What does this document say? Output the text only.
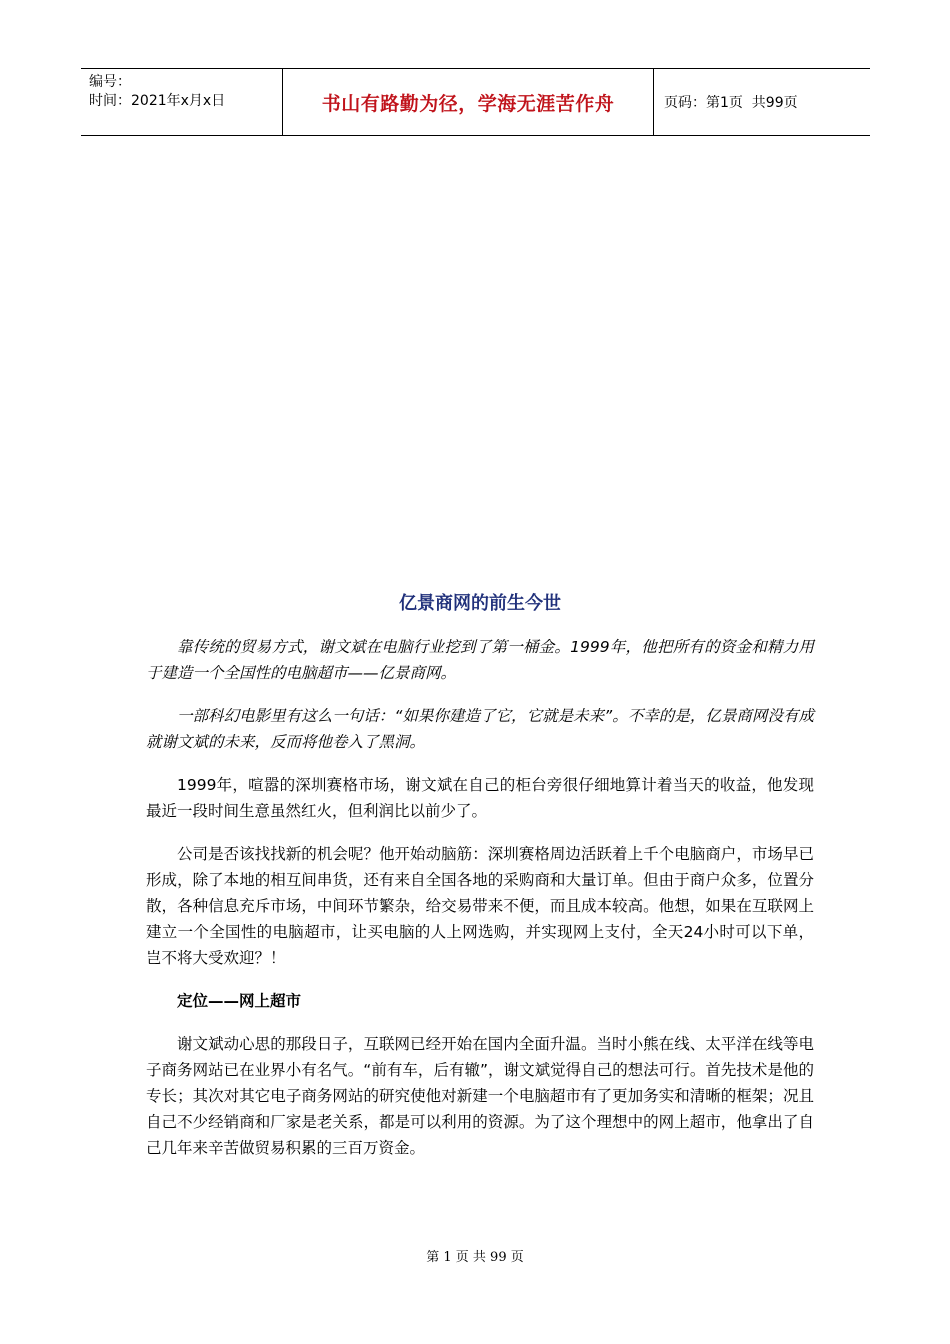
编号：
时间：2021年x月x日	书山有路勤为径，学海无涯苦作舟	页码：第1页  共99页
亿景商网的前生今世

靠传统的贸易方式，谢文斌在电脑行业挖到了第一桶金。1999年，他把所有的资金和精力用于建造一个全国性的电脑超市——亿景商网。

一部科幻电影里有这么一句话：“如果你建造了它，它就是未来”。不幸的是，亿景商网没有成就谢文斌的未来，反而将他卷入了黑洞。

1999年，喧嚣的深圳赛格市场，谢文斌在自己的柜台旁很仔细地算计着当天的收益，他发现最近一段时间生意虽然红火，但利润比以前少了。

公司是否该找找新的机会呢？他开始动脑筋：深圳赛格周边活跃着上千个电脑商户，市场早已形成，除了本地的相互间串货，还有来自全国各地的采购商和大量订单。但由于商户众多，位置分散，各种信息充斥市场，中间环节繁杂，给交易带来不便，而且成本较高。他想，如果在互联网上建立一个全国性的电脑超市，让买电脑的人上网选购，并实现网上支付，全天24小时可以下单，岂不将大受欢迎？！

定位——网上超市

谢文斌动心思的那段日子，互联网已经开始在国内全面升温。当时小熊在线、太平洋在线等电子商务网站已在业界小有名气。“前有车，后有辙”，谢文斌觉得自己的想法可行。首先技术是他的专长；其次对其它电子商务网站的研究使他对新建一个电脑超市有了更加务实和清晰的框架；况且自己不少经销商和厂家是老关系，都是可以利用的资源。为了这个理想中的网上超市，他拿出了自己几年来辛苦做贸易积累的三百万资金。

第 1 页 共 99 页
